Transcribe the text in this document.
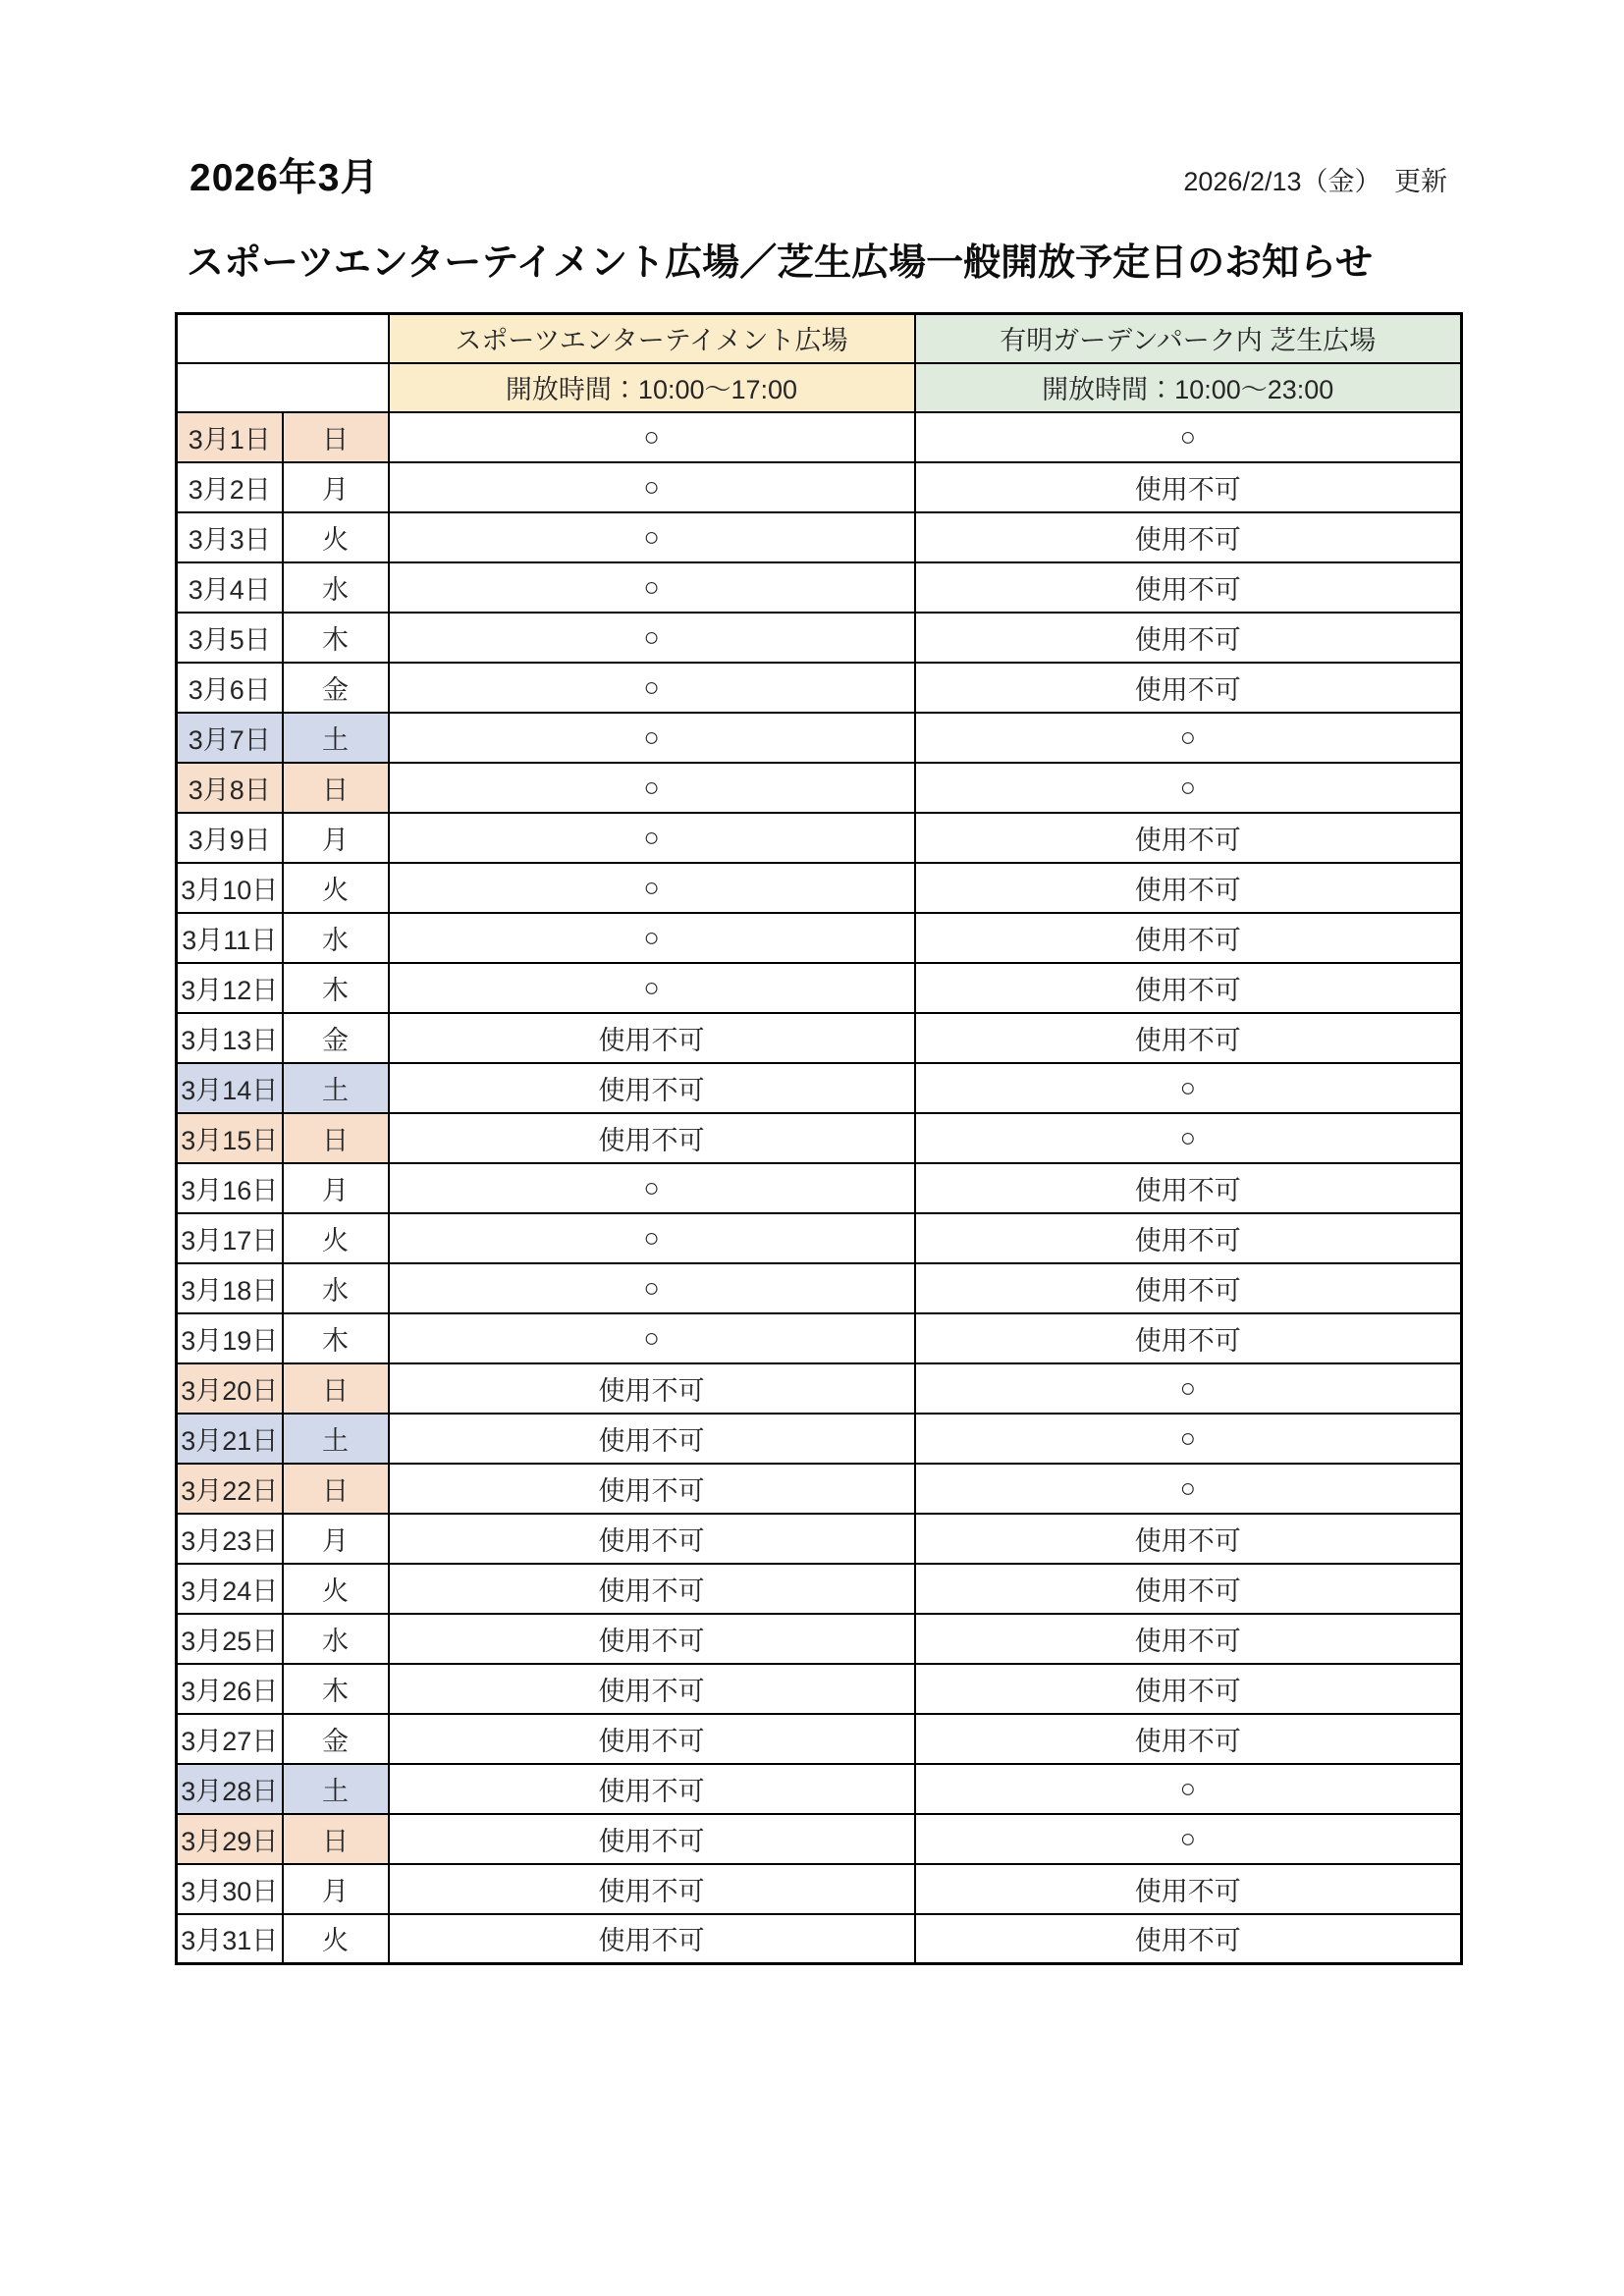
2026年3月	2026/2/13（金）　更新
スポーツエンターテイメント広場／芝生広場一般開放予定日のお知らせ
		スポーツエンターテイメント広場	有明ガーデンパーク内 芝生広場
		開放時間：10:00～17:00	開放時間：10:00～23:00
3月1日	日	○	○
3月2日	月	○	使用不可
3月3日	火	○	使用不可
3月4日	水	○	使用不可
3月5日	木	○	使用不可
3月6日	金	○	使用不可
3月7日	土	○	○
3月8日	日	○	○
3月9日	月	○	使用不可
3月10日	火	○	使用不可
3月11日	水	○	使用不可
3月12日	木	○	使用不可
3月13日	金	使用不可	使用不可
3月14日	土	使用不可	○
3月15日	日	使用不可	○
3月16日	月	○	使用不可
3月17日	火	○	使用不可
3月18日	水	○	使用不可
3月19日	木	○	使用不可
3月20日	日	使用不可	○
3月21日	土	使用不可	○
3月22日	日	使用不可	○
3月23日	月	使用不可	使用不可
3月24日	火	使用不可	使用不可
3月25日	水	使用不可	使用不可
3月26日	木	使用不可	使用不可
3月27日	金	使用不可	使用不可
3月28日	土	使用不可	○
3月29日	日	使用不可	○
3月30日	月	使用不可	使用不可
3月31日	火	使用不可	使用不可
